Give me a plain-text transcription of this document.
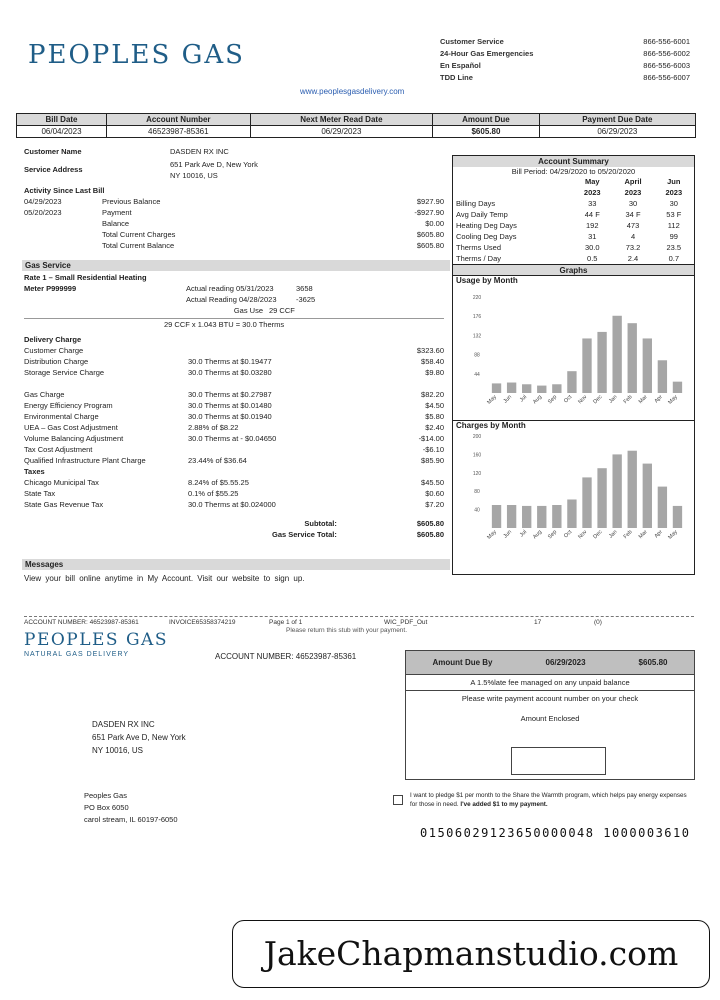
PEOPLES GAS	Customer Service	866-556-6001
24-Hour Gas Emergencies	866-556-6002
En Español	866-556-6003
TDD Line	866-556-6007
www.peoplesgasdelivery.com
Bill Date	Account Number	Next Meter Read Date	Amount Due	Payment Due Date
06/04/2023	46523987-85361	06/29/2023	$605.80	06/29/2023
Customer Name	DASDEN RX INC
Service Address
651 Park Ave D, New York
NY 10016, US
Activity Since Last Bill
04/29/2023	Previous Balance	$927.90
05/20/2023	Payment	-$927.90
Balance	$0.00
Total Current Charges	$605.80
Total Current Balance	$605.80
Gas Service
Rate 1 – Small Residential Heating
Meter P999999	Actual reading 05/31/2023	3658
Actual Reading 04/28/2023	-3625
Gas Use 29 CCF
29 CCF x 1.043 BTU = 30.0 Therms
Delivery Charge
Customer Charge	$323.60
Distribution Charge	30.0 Therms at $0.19477	$58.40
Storage Service Charge	30.0 Therms at $0.03280	$9.80
Gas Charge	30.0 Therms at $0.27987	$82.20
Energy Efficiency Program	30.0 Therms at $0.01480	$4.50
Environmental Charge	30.0 Therms at $0.01940	$5.80
UEA – Gas Cost Adjustment	2.88% of $8.22	$2.40
Volume Balancing Adjustment	30.0 Therms at - $0.04650	-$14.00
Tax Cost Adjustment	-$6.10
Qualified Infrastructure Plant Charge	23.44% of $36.64	$85.90
Taxes
Chicago Municipal Tax	8.24% of $5.55.25	$45.50
State Tax	0.1% of $55.25	$0.60
State Gas Revenue Tax	30.0 Therms at $0.024000	$7.20
Subtotal:	$605.80
Gas Service Total:	$605.80
Messages
View your bill online anytime in My Account. Visit our website to sign up.
Account Summary
Bill Period: 04/29/2020 to 05/20/2020
	May	April	Jun
	2023	2023	2023
Billing Days	33	30	30
Avg Daily Temp	44 F	34 F	53 F
Heating Deg Days	192	473	112
Cooling Deg Days	31	4	99
Therms Used	30.0	73.2	23.5
Therms / Day	0.5	2.4	0.7
Graphs
Usage by Month
220
176
132
88
44
May Jun Jul Aug Sep Oct Nov Dec Jan Feb Mar Apr May
Charges by Month
200
160
120
80
40
May Jun Jul Aug Sep Oct Nov Dec Jan Feb Mar Apr May
ACCOUNT NUMBER: 46523987-85361	INVOICE65358374219	Page 1 of 1	WIC_PDF_Out	17	(0)
Please return this stub with your payment.
PEOPLES GAS
NATURAL GAS DELIVERY	ACCOUNT NUMBER: 46523987-85361
Amount Due By	06/29/2023	$605.80
A 1.5%late fee managed on any unpaid balance
Please write payment account number on your check
Amount Enclosed
DASDEN RX INC
651 Park Ave D, New York
NY 10016, US
Peoples Gas
PO Box 6050
carol stream, IL 60197-6050
I want to pledge $1 per month to the Share the Warmth program, which helps pay energy expenses for those in need. I've added $1 to my payment.
01506029123650000048 1000003610
JakeChapmanstudio.com
